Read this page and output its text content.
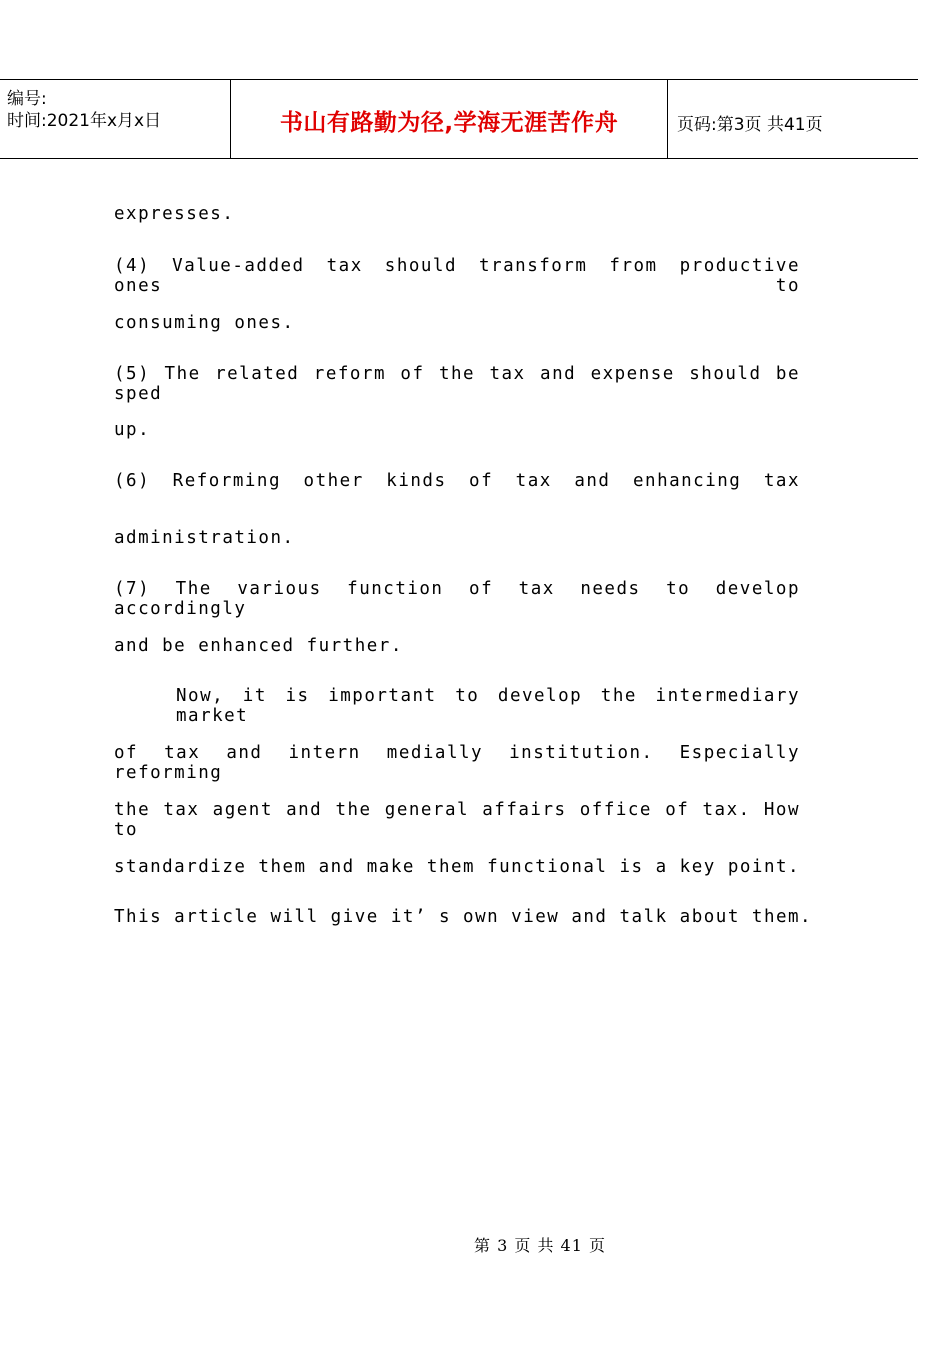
编号:
时间:2021年x月x日	书山有路勤为径,学海无涯苦作舟	页码:第3页 共41页
expresses.
(4) Value-added tax should transform from productive ones to
consuming ones.
(5) The related reform of the tax and expense should be sped
up.
(6) Reforming other kinds of tax and enhancing tax
administration.
(7) The various function of tax needs to develop accordingly
and be enhanced further.
Now, it is important to develop the intermediary market
of tax and intern medially institution. Especially reforming
the tax agent and the general affairs office of tax. How to
standardize them and make them functional is a key point.
This article will give it’ s own view and talk about them.
第 3 页 共 41 页
